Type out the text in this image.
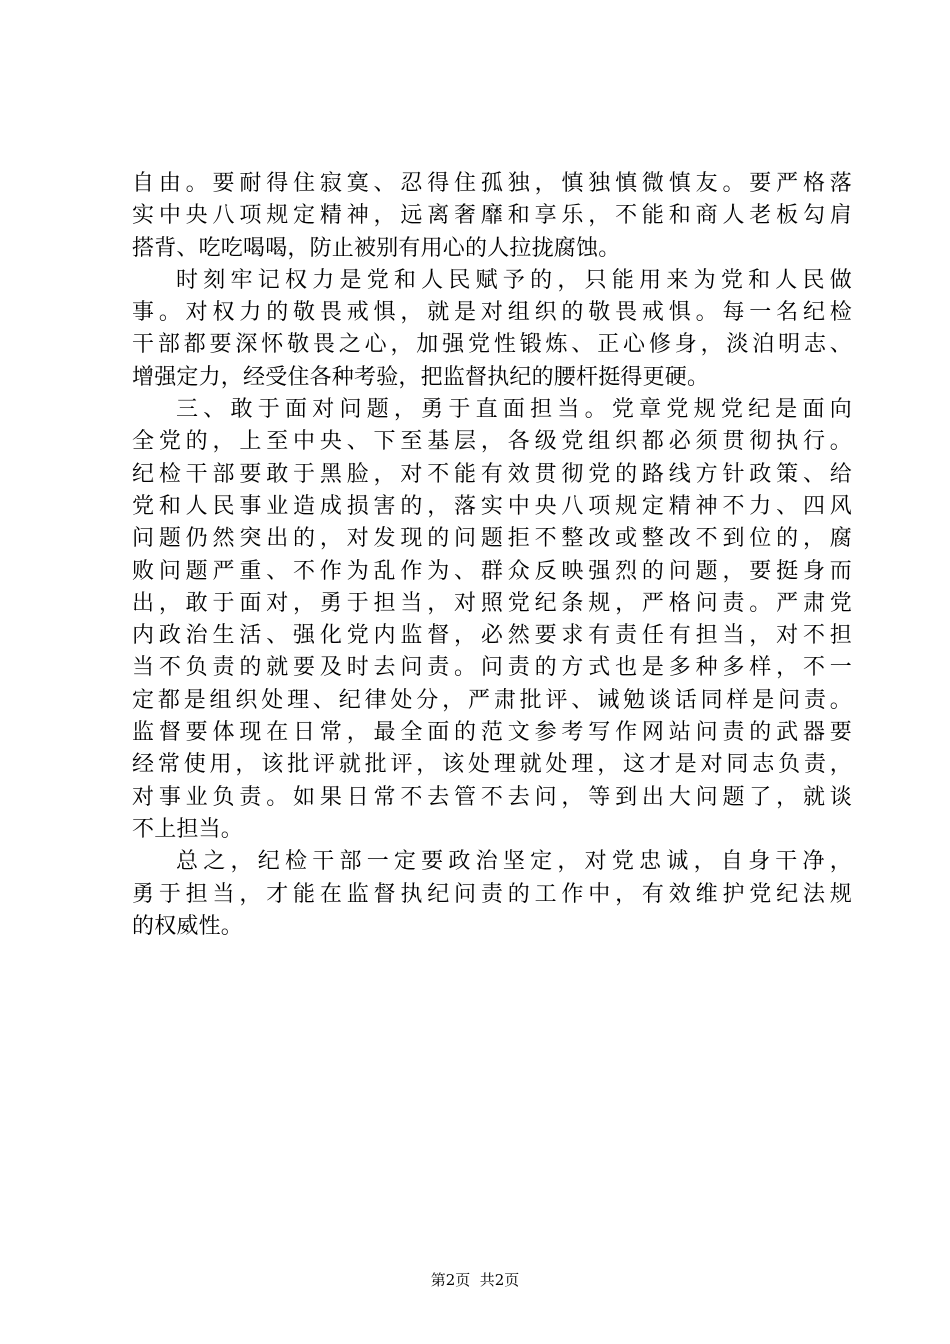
自由。要耐得住寂寞、忍得住孤独，慎独慎微慎友。要严格落
实中央八项规定精神，远离奢靡和享乐，不能和商人老板勾肩
搭背、吃吃喝喝，防止被别有用心的人拉拢腐蚀。
时刻牢记权力是党和人民赋予的，只能用来为党和人民做
事。对权力的敬畏戒惧，就是对组织的敬畏戒惧。每一名纪检
干部都要深怀敬畏之心，加强党性锻炼、正心修身，淡泊明志、
增强定力，经受住各种考验，把监督执纪的腰杆挺得更硬。
三、敢于面对问题，勇于直面担当。党章党规党纪是面向
全党的，上至中央、下至基层，各级党组织都必须贯彻执行。
纪检干部要敢于黑脸，对不能有效贯彻党的路线方针政策、给
党和人民事业造成损害的，落实中央八项规定精神不力、四风
问题仍然突出的，对发现的问题拒不整改或整改不到位的，腐
败问题严重、不作为乱作为、群众反映强烈的问题，要挺身而
出，敢于面对，勇于担当，对照党纪条规，严格问责。严肃党
内政治生活、强化党内监督，必然要求有责任有担当，对不担
当不负责的就要及时去问责。问责的方式也是多种多样，不一
定都是组织处理、纪律处分，严肃批评、诫勉谈话同样是问责。
监督要体现在日常，最全面的范文参考写作网站问责的武器要
经常使用，该批评就批评，该处理就处理，这才是对同志负责，
对事业负责。如果日常不去管不去问，等到出大问题了，就谈
不上担当。
总之，纪检干部一定要政治坚定，对党忠诚，自身干净，
勇于担当，才能在监督执纪问责的工作中，有效维护党纪法规
的权威性。
第2页  共2页
